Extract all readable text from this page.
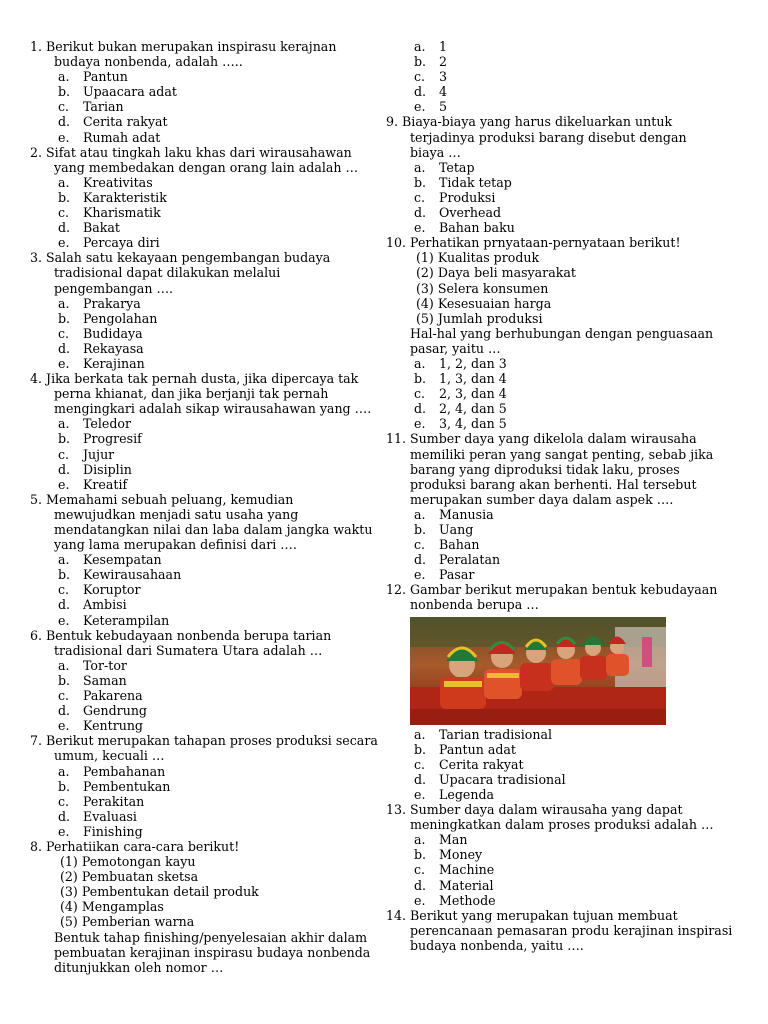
1. Berikut bukan merupakan inspirasu kerajnan
budaya nonbenda, adalah …..
a. Pantun
b. Upaacara adat
c. Tarian
d. Cerita rakyat
e. Rumah adat
2. Sifat atau tingkah laku khas dari wirausahawan
yang membedakan dengan orang lain adalah …
a. Kreativitas
b. Karakteristik
c. Kharismatik
d. Bakat
e. Percaya diri
3. Salah satu kekayaan pengembangan budaya
tradisional dapat dilakukan melalui
pengembangan ….
a. Prakarya
b. Pengolahan
c. Budidaya
d. Rekayasa
e. Kerajinan
4. Jika berkata tak pernah dusta, jika dipercaya tak
perna khianat, dan jika berjanji tak pernah
mengingkari adalah sikap wirausahawan yang ….
a. Teledor
b. Progresif
c. Jujur
d. Disiplin
e. Kreatif
5. Memahami sebuah peluang, kemudian
mewujudkan menjadi satu usaha yang
mendatangkan nilai dan laba dalam jangka waktu
yang lama merupakan definisi dari ….
a. Kesempatan
b. Kewirausahaan
c. Koruptor
d. Ambisi
e. Keterampilan
6. Bentuk kebudayaan nonbenda berupa tarian
tradisional dari Sumatera Utara adalah …
a. Tor-tor
b. Saman
c. Pakarena
d. Gendrung
e. Kentrung
7. Berikut merupakan tahapan proses produksi secara
umum, kecuali …
a. Pembahanan
b. Pembentukan
c. Perakitan
d. Evaluasi
e. Finishing
8. Perhatiikan cara-cara berikut!
(1) Pemotongan kayu
(2) Pembuatan sketsa
(3) Pembentukan detail produk
(4) Mengamplas
(5) Pemberian warna
Bentuk tahap finishing/penyelesaian akhir dalam
pembuatan kerajinan inspirasu budaya nonbenda
ditunjukkan oleh nomor …
a. 1
b. 2
c. 3
d. 4
e. 5
9. Biaya-biaya yang harus dikeluarkan untuk
terjadinya produksi barang disebut dengan
biaya …
a. Tetap
b. Tidak tetap
c. Produksi
d. Overhead
e. Bahan baku
10. Perhatikan prnyataan-pernyataan berikut!
(1) Kualitas produk
(2) Daya beli masyarakat
(3) Selera konsumen
(4) Kesesuaian harga
(5) Jumlah produksi
Hal-hal yang berhubungan dengan penguasaan
pasar, yaitu …
a. 1, 2, dan 3
b. 1, 3, dan 4
c. 2, 3, dan 4
d. 2, 4, dan 5
e. 3, 4, dan 5
11. Sumber daya yang dikelola dalam wirausaha
memiliki peran yang sangat penting, sebab jika
barang yang diproduksi tidak laku, proses
produksi barang akan berhenti. Hal tersebut
merupakan sumber daya dalam aspek ….
a. Manusia
b. Uang
c. Bahan
d. Peralatan
e. Pasar
12. Gambar berikut merupakan bentuk kebudayaan
nonbenda berupa …
a. Tarian tradisional
b. Pantun adat
c. Cerita rakyat
d. Upacara tradisional
e. Legenda
13. Sumber daya dalam wirausaha yang dapat
meningkatkan dalam proses produksi adalah …
a. Man
b. Money
c. Machine
d. Material
e. Methode
14. Berikut yang merupakan tujuan membuat
perencanaan pemasaran produ kerajinan inspirasi
budaya nonbenda, yaitu ….
